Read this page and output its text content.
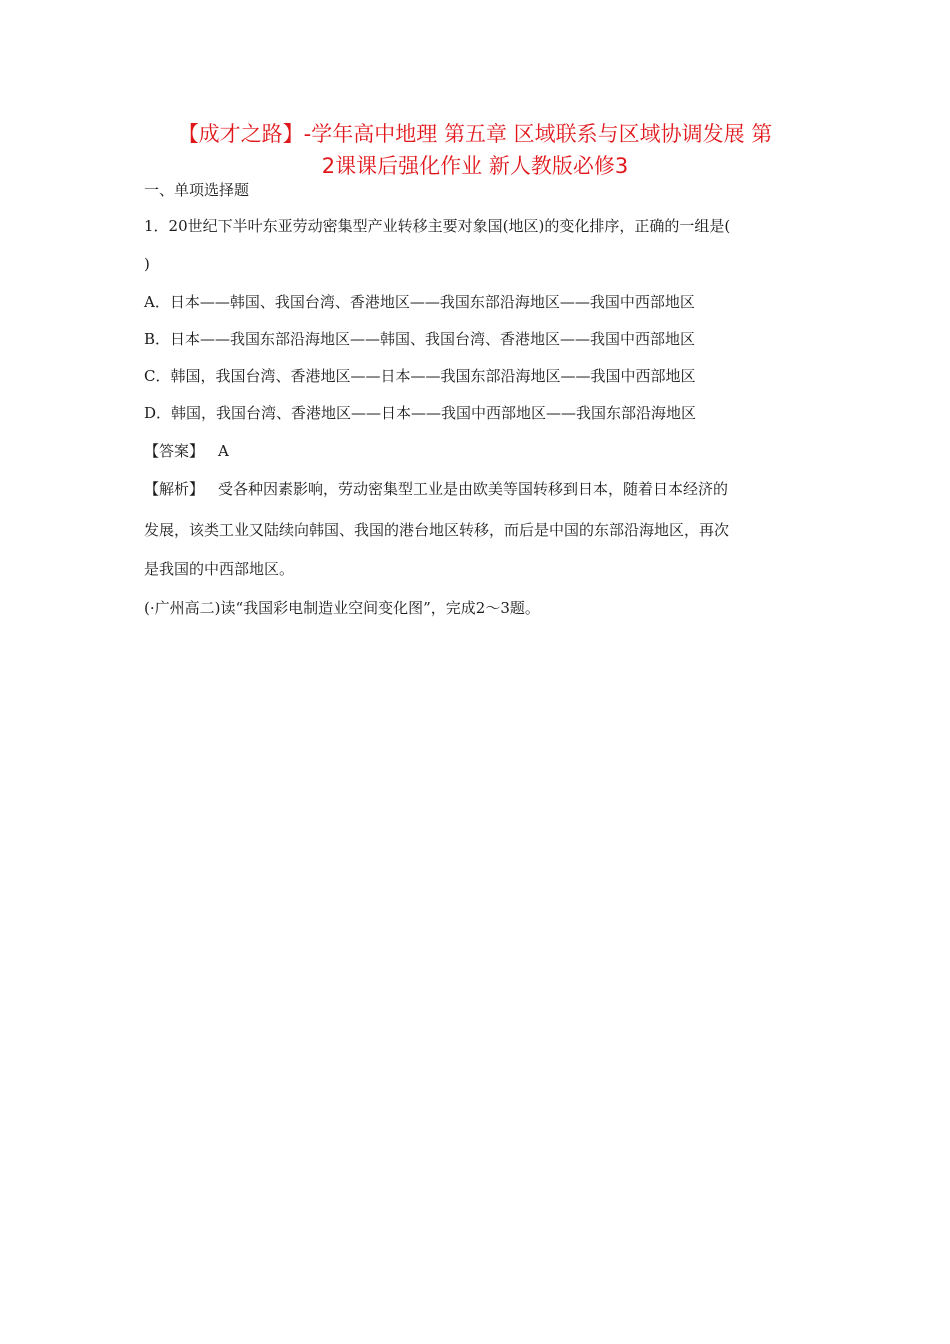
【成才之路】-学年高中地理 第五章 区域联系与区域协调发展 第
2课课后强化作业 新人教版必修3
一、单项选择题
1．20世纪下半叶东亚劳动密集型产业转移主要对象国(地区)的变化排序，正确的一组是(
)
A．日本——韩国、我国台湾、香港地区——我国东部沿海地区——我国中西部地区
B．日本——我国东部沿海地区——韩国、我国台湾、香港地区——我国中西部地区
C．韩国，我国台湾、香港地区——日本——我国东部沿海地区——我国中西部地区
D．韩国，我国台湾、香港地区——日本——我国中西部地区——我国东部沿海地区
【答案】 A
【解析】 受各种因素影响，劳动密集型工业是由欧美等国转移到日本，随着日本经济的
发展，该类工业又陆续向韩国、我国的港台地区转移，而后是中国的东部沿海地区，再次
是我国的中西部地区。
(·广州高二)读“我国彩电制造业空间变化图”，完成2～3题。
